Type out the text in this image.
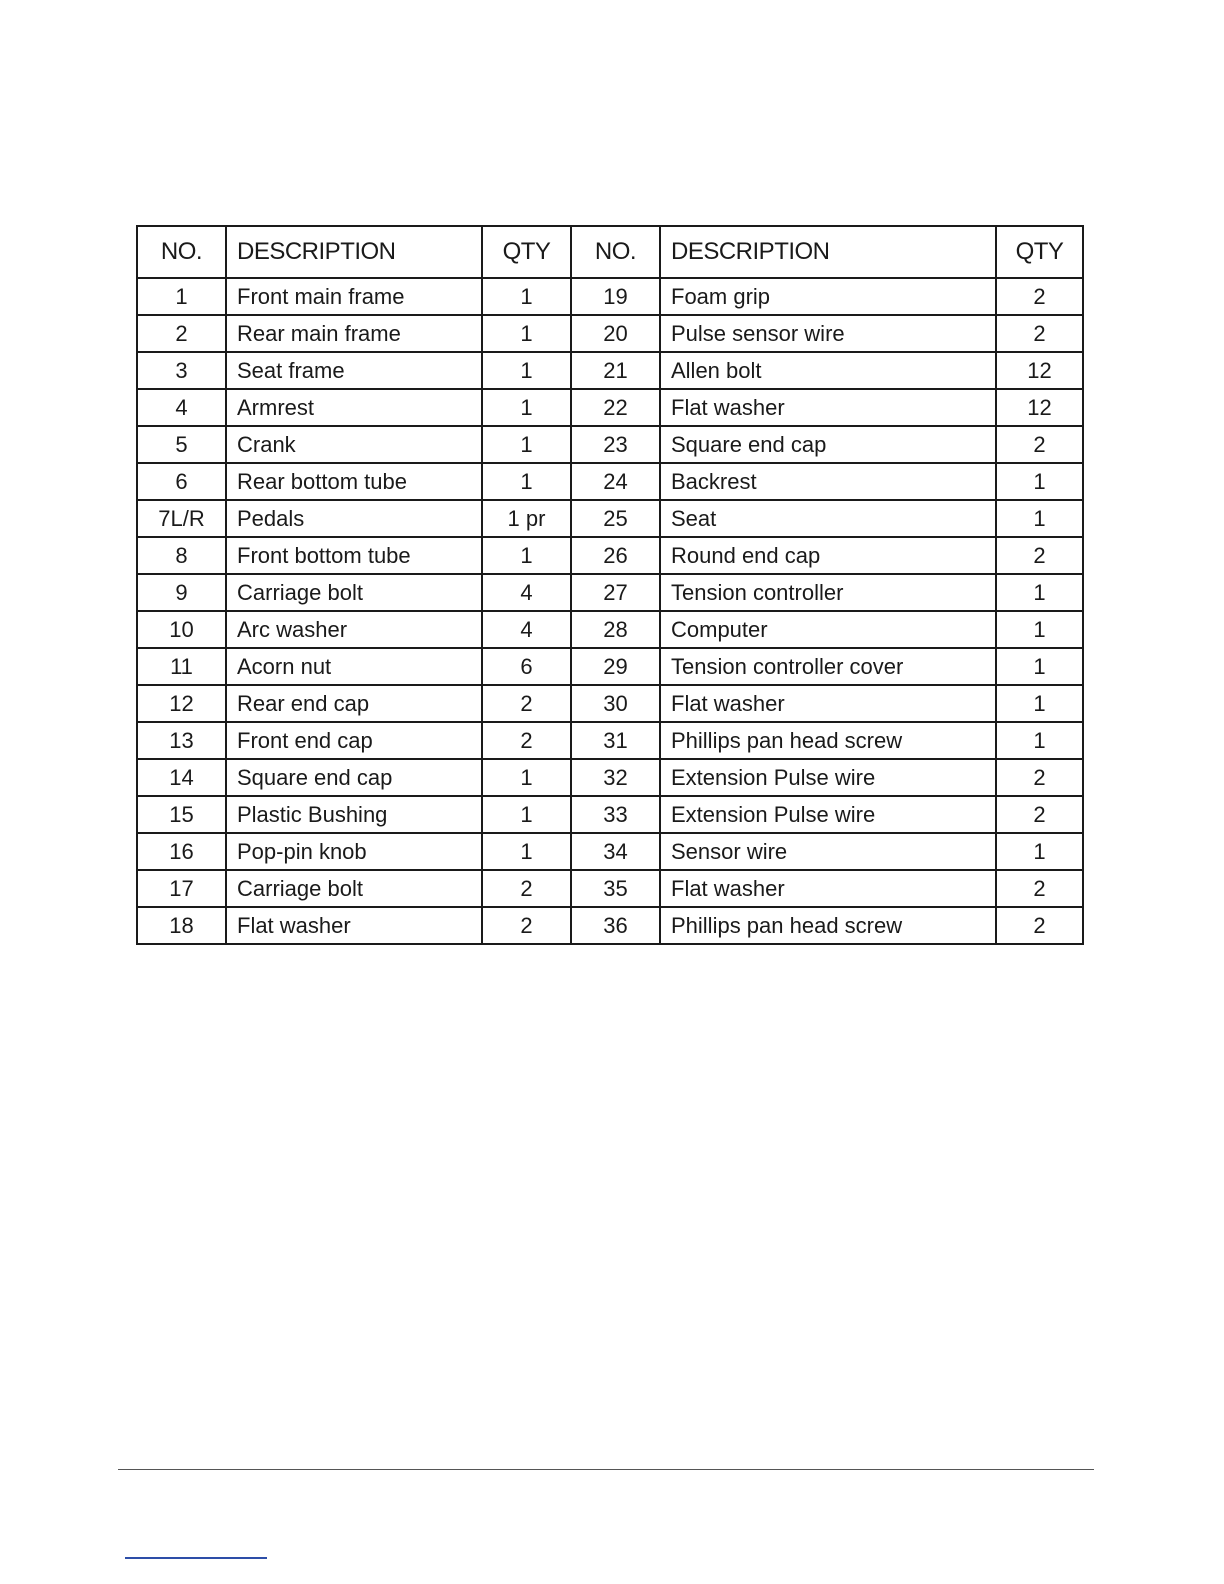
NO.	DESCRIPTION	QTY	NO.	DESCRIPTION	QTY
1	Front main frame	1	19	Foam grip	2
2	Rear main frame	1	20	Pulse sensor wire	2
3	Seat frame	1	21	Allen bolt	12
4	Armrest	1	22	Flat washer	12
5	Crank	1	23	Square end cap	2
6	Rear bottom tube	1	24	Backrest	1
7L/R	Pedals	1 pr	25	Seat	1
8	Front bottom tube	1	26	Round end cap	2
9	Carriage bolt	4	27	Tension controller	1
10	Arc washer	4	28	Computer	1
11	Acorn nut	6	29	Tension controller cover	1
12	Rear end cap	2	30	Flat washer	1
13	Front end cap	2	31	Phillips pan head screw	1
14	Square end cap	1	32	Extension Pulse wire	2
15	Plastic Bushing	1	33	Extension Pulse wire	2
16	Pop-pin knob	1	34	Sensor wire	1
17	Carriage bolt	2	35	Flat washer	2
18	Flat washer	2	36	Phillips pan head screw	2
